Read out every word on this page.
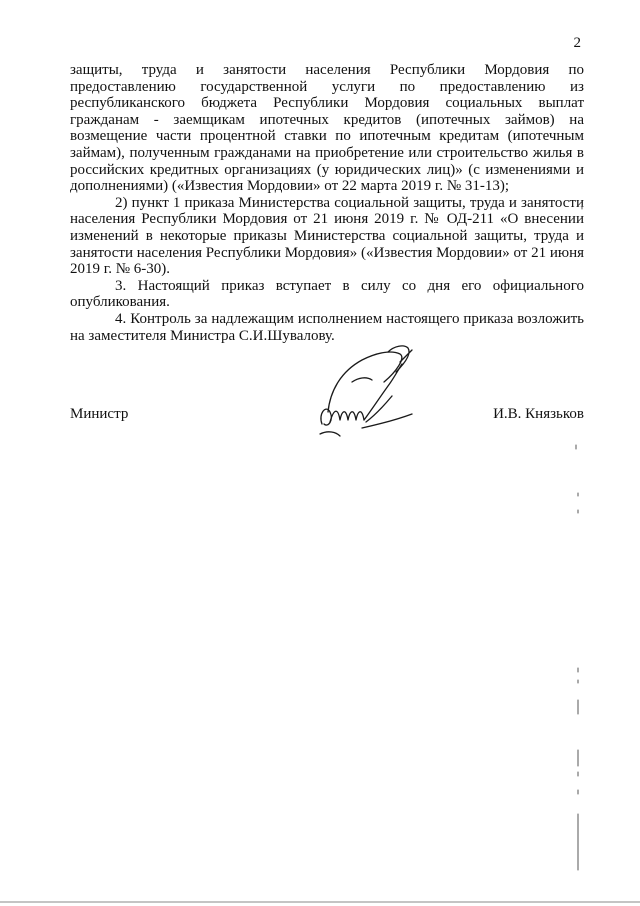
2

защиты, труда и занятости населения Республики Мордовия по предоставлению государственной услуги по предоставлению из республиканского бюджета Республики Мордовия социальных выплат гражданам - заемщикам ипотечных кредитов (ипотечных займов) на возмещение части процентной ставки по ипотечным кредитам (ипотечным займам), полученным гражданами на приобретение или строительство жилья в российских кредитных организациях (у юридических лиц)» (с изменениями и дополнениями) («Известия Мордовии» от 22 марта 2019 г. № 31-13);

2) пункт 1 приказа Министерства социальной защиты, труда и занятости населения Республики Мордовия от 21 июня 2019 г. № ОД-211 «О внесении изменений в некоторые приказы Министерства социальной защиты, труда и занятости населения Республики Мордовия» («Известия Мордовии» от 21 июня 2019 г. № 6-30).

3. Настоящий приказ вступает в силу со дня его официального опубликования.

4. Контроль за надлежащим исполнением настоящего приказа возложить на заместителя Министра С.И.Шувалову.

Министр	И.В. Князьков
